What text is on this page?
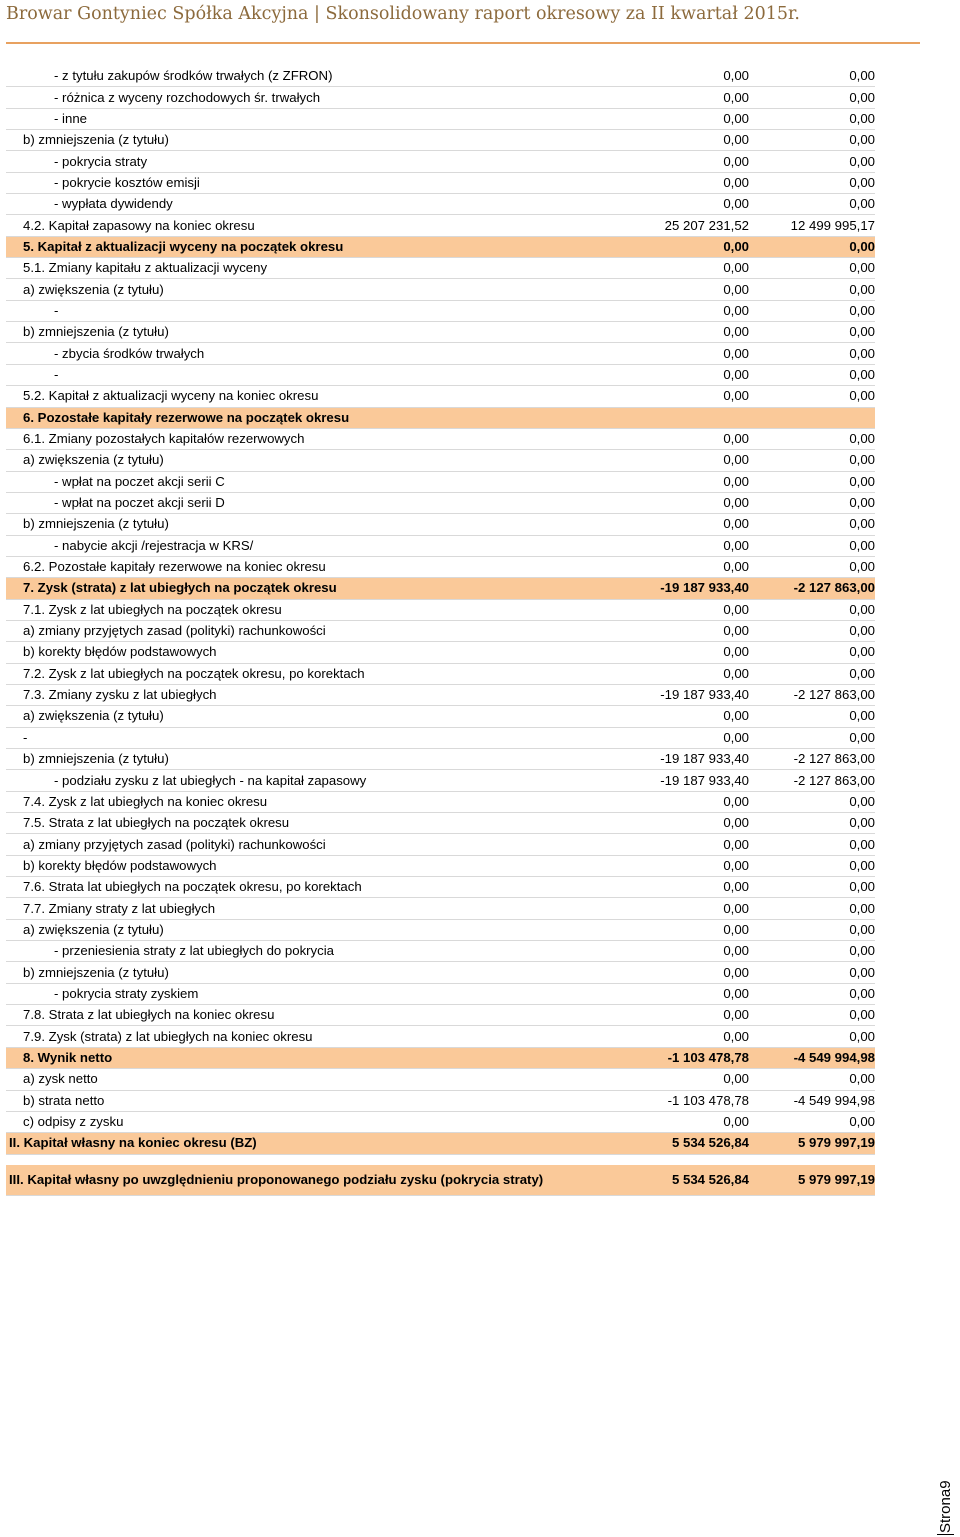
Browar Gontyniec Spółka Akcyjna | Skonsolidowany raport okresowy za II kwartał 2015r.
- z tytułu zakupów środków trwałych (z ZFRON)	0,00	0,00
- różnica z wyceny rozchodowych śr. trwałych	0,00	0,00
- inne	0,00	0,00
b) zmniejszenia (z tytułu)	0,00	0,00
- pokrycia straty	0,00	0,00
- pokrycie kosztów emisji	0,00	0,00
- wypłata dywidendy	0,00	0,00
4.2. Kapitał zapasowy na koniec okresu	25 207 231,52	12 499 995,17
5. Kapitał z aktualizacji wyceny na początek okresu	0,00	0,00
5.1. Zmiany kapitału z aktualizacji wyceny	0,00	0,00
a) zwiększenia (z tytułu)	0,00	0,00
-	0,00	0,00
b) zmniejszenia (z tytułu)	0,00	0,00
- zbycia środków trwałych	0,00	0,00
-	0,00	0,00
5.2. Kapitał z aktualizacji wyceny na koniec okresu	0,00	0,00
6. Pozostałe kapitały rezerwowe na początek okresu		
6.1. Zmiany pozostałych kapitałów rezerwowych	0,00	0,00
a) zwiększenia (z tytułu)	0,00	0,00
- wpłat na poczet akcji serii C	0,00	0,00
- wpłat na poczet akcji serii D	0,00	0,00
b) zmniejszenia (z tytułu)	0,00	0,00
- nabycie akcji /rejestracja w KRS/	0,00	0,00
6.2. Pozostałe kapitały rezerwowe na koniec okresu	0,00	0,00
7. Zysk (strata) z lat ubiegłych na początek okresu	-19 187 933,40	-2 127 863,00
7.1. Zysk z lat ubiegłych na początek okresu	0,00	0,00
a) zmiany przyjętych zasad (polityki) rachunkowości	0,00	0,00
b) korekty błędów podstawowych	0,00	0,00
7.2. Zysk z lat ubiegłych na początek okresu, po korektach	0,00	0,00
7.3. Zmiany zysku z lat ubiegłych	-19 187 933,40	-2 127 863,00
a) zwiększenia (z tytułu)	0,00	0,00
-	0,00	0,00
b) zmniejszenia (z tytułu)	-19 187 933,40	-2 127 863,00
- podziału zysku z lat ubiegłych - na kapitał zapasowy	-19 187 933,40	-2 127 863,00
7.4. Zysk z lat ubiegłych na koniec okresu	0,00	0,00
7.5. Strata z lat ubiegłych na początek okresu	0,00	0,00
a) zmiany przyjętych zasad (polityki) rachunkowości	0,00	0,00
b) korekty błędów podstawowych	0,00	0,00
7.6. Strata lat ubiegłych na początek okresu, po korektach	0,00	0,00
7.7. Zmiany straty z lat ubiegłych	0,00	0,00
a) zwiększenia (z tytułu)	0,00	0,00
- przeniesienia straty z lat ubiegłych do pokrycia	0,00	0,00
b) zmniejszenia (z tytułu)	0,00	0,00
- pokrycia straty zyskiem	0,00	0,00
7.8. Strata z lat ubiegłych na koniec okresu	0,00	0,00
7.9. Zysk (strata) z lat ubiegłych na koniec okresu	0,00	0,00
8. Wynik netto	-1 103 478,78	-4 549 994,98
a) zysk netto	0,00	0,00
b) strata netto	-1 103 478,78	-4 549 994,98
c) odpisy z zysku	0,00	0,00
II. Kapitał własny na koniec okresu (BZ)	5 534 526,84	5 979 997,19

III. Kapitał własny po uwzględnieniu proponowanego podziału zysku (pokrycia straty)	5 534 526,84	5 979 997,19
Strona9
